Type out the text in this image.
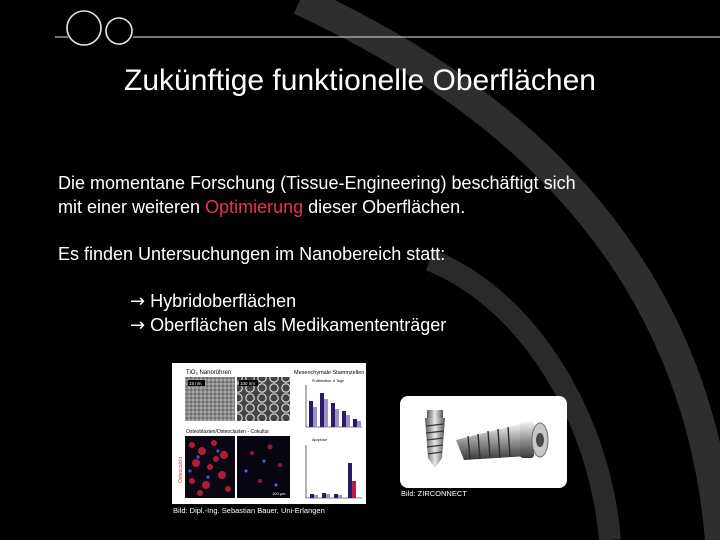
Zukünftige funktionelle Oberflächen
Die momentane Forschung (Tissue-Engineering) beschäftigt sich
mit einer weiteren Optimierung dieser Oberflächen.
Es finden Untersuchungen im Nanobereich statt:
→ Hybridoberflächen
→ Oberflächen als Medikamententräger
TiO₂ Nanoröhren
15 nm	100 nm
Mesenchymale Stammzellen
Proliferation, 6 Tage
Osteoblasten/Osteoclasten - Cokultur
Osteocalcin
100 µm
Apoptose
Bild: Dipl.-Ing. Sebastian Bauer, Uni-Erlangen
Bild: ZIRCONNECT
